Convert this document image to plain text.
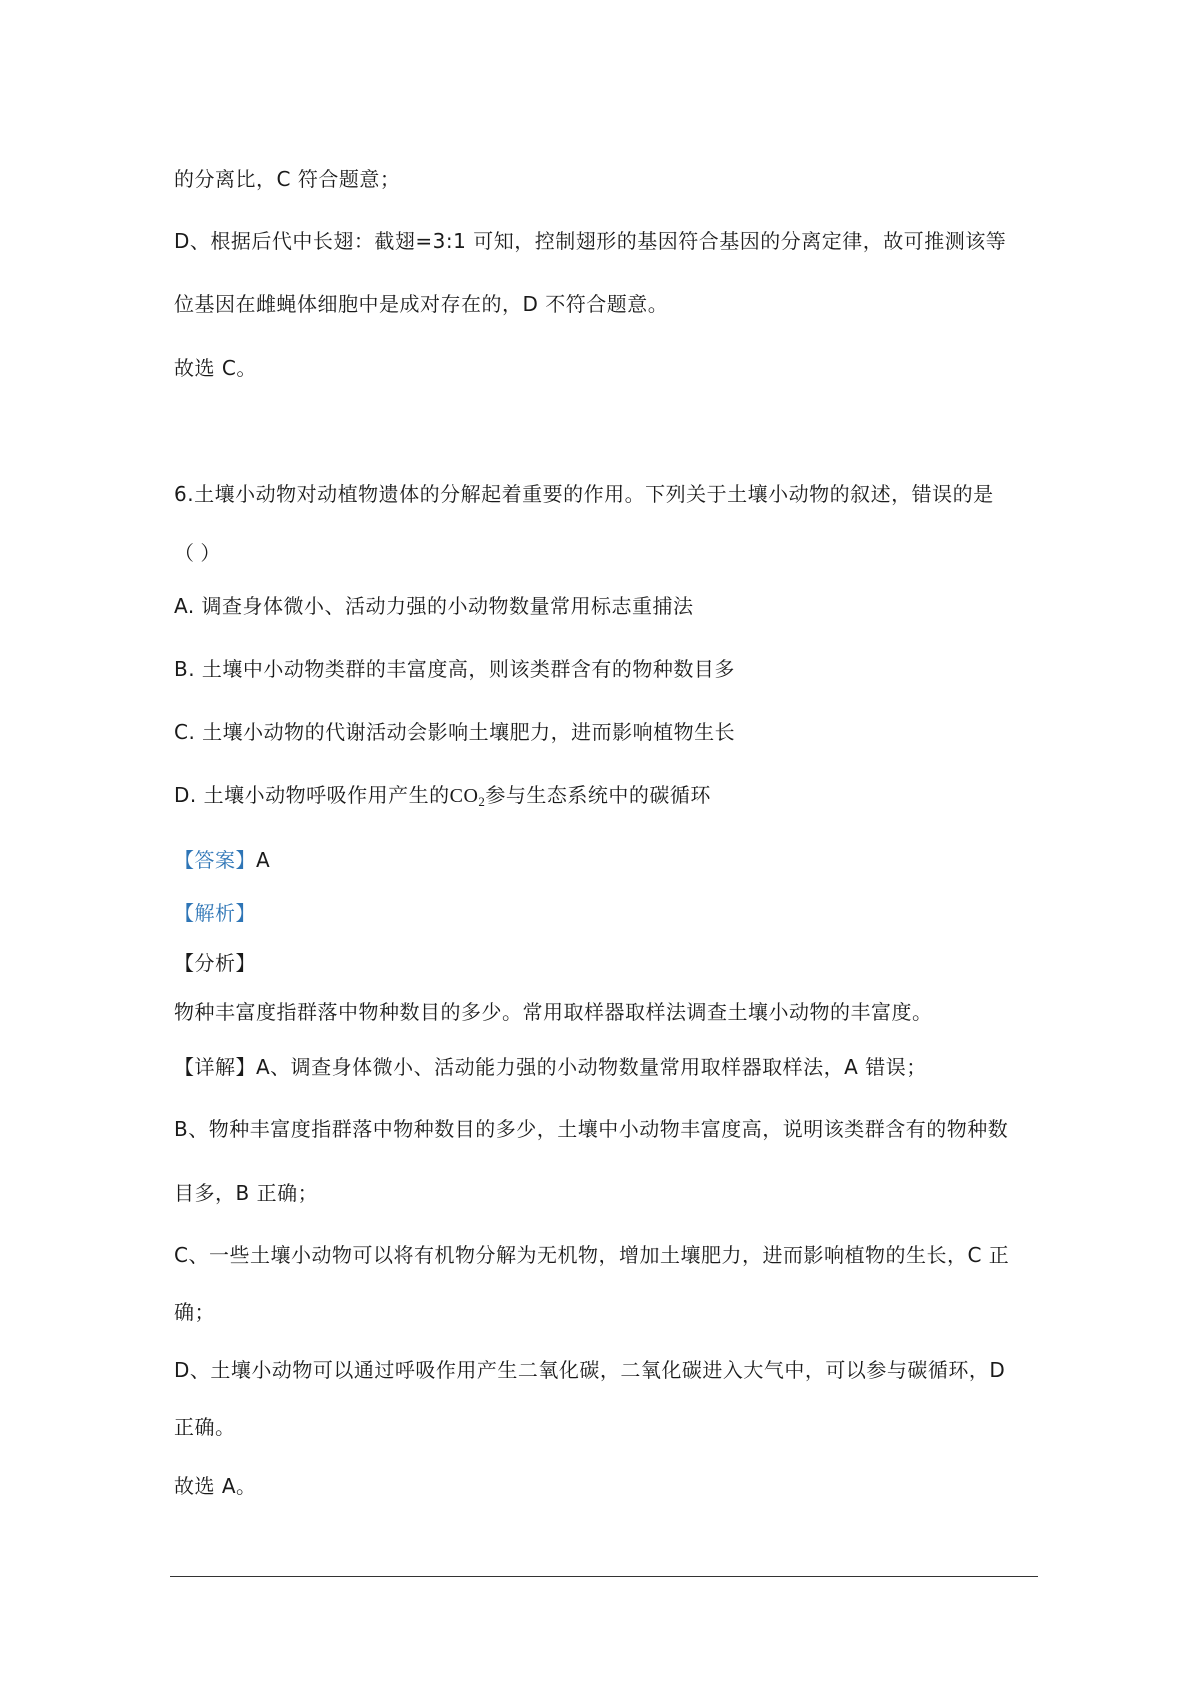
的分离比，C 符合题意；
D、根据后代中长翅：截翅=3:1 可知，控制翅形的基因符合基因的分离定律，故可推测该等
位基因在雌蝇体细胞中是成对存在的，D 不符合题意。
故选 C。
6.土壤小动物对动植物遗体的分解起着重要的作用。下列关于土壤小动物的叙述，错误的是
（ ）
A. 调查身体微小、活动力强的小动物数量常用标志重捕法
B. 土壤中小动物类群的丰富度高，则该类群含有的物种数目多
C. 土壤小动物的代谢活动会影响土壤肥力，进而影响植物生长
D. 土壤小动物呼吸作用产生的$CO_2$参与生态系统中的碳循环
【答案】A
【解析】
【分析】
物种丰富度指群落中物种数目的多少。常用取样器取样法调查土壤小动物的丰富度。
【详解】A、调查身体微小、活动能力强的小动物数量常用取样器取样法，A 错误；
B、物种丰富度指群落中物种数目的多少，土壤中小动物丰富度高，说明该类群含有的物种数
目多，B 正确；
C、一些土壤小动物可以将有机物分解为无机物，增加土壤肥力，进而影响植物的生长，C 正
确；
D、土壤小动物可以通过呼吸作用产生二氧化碳，二氧化碳进入大气中，可以参与碳循环，D
正确。
故选 A。
